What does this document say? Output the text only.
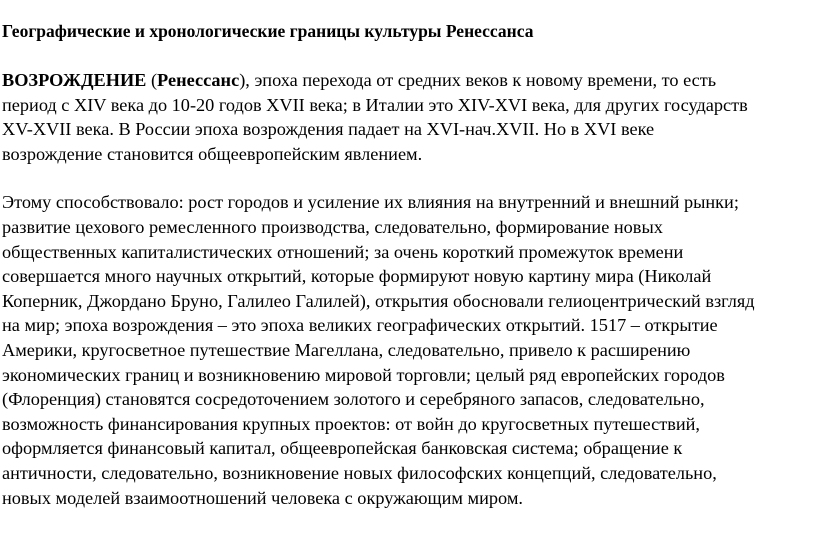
Географические и хронологические границы культуры Ренессанса

ВОЗРОЖДЕНИЕ (Ренессанс), эпоха перехода от средних веков к новому времени, то есть
период с XIV века до 10-20 годов XVII века; в Италии это XIV-XVI века, для других государств
XV-XVII века. В России эпоха возрождения падает на XVI-нач.XVII. Но в XVI веке
возрождение становится общеевропейским явлением.

Этому способствовало: рост городов и усиление их влияния на внутренний и внешний рынки;
развитие цехового ремесленного производства, следовательно, формирование новых
общественных капиталистических отношений; за очень короткий промежуток времени
совершается много научных открытий, которые формируют новую картину мира (Николай
Коперник, Джордано Бруно, Галилео Галилей), открытия обосновали гелиоцентрический взгляд
на мир; эпоха возрождения – это эпоха великих географических открытий. 1517 – открытие
Америки, кругосветное путешествие Магеллана, следовательно, привело к расширению
экономических границ и возникновению мировой торговли; целый ряд европейских городов
(Флоренция) становятся сосредоточением золотого и серебряного запасов, следовательно,
возможность финансирования крупных проектов: от войн до кругосветных путешествий,
оформляется финансовый капитал, общеевропейская банковская система; обращение к
античности, следовательно, возникновение новых философских концепций, следовательно,
новых моделей взаимоотношений человека с окружающим миром.
